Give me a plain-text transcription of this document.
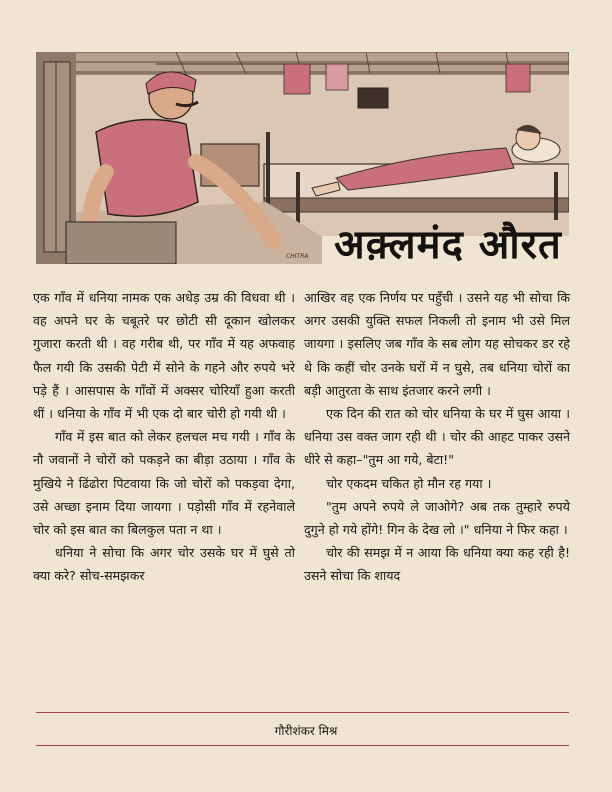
CHITRA अक़्लमंद औरत

एक गाँव में धनिया नामक एक अधेड़ उम्र की विधवा थी । वह अपने घर के चबूतरे पर छोटी सी दूकान खोलकर गुजारा करती थी । वह गरीब थी, पर गाँव में यह अफवाह फैल गयी कि उसकी पेटी में सोने के गहने और रुपये भरे पड़े हैं । आसपास के गाँवों में अक्सर चोरियाँ हुआ करती थीं । धनिया के गाँव में भी एक दो बार चोरी हो गयी थी ।

गाँव में इस बात को लेकर हलचल मच गयी । गाँव के नौ जवानों ने चोरों को पकड़ने का बीड़ा उठाया । गाँव के मुखिये ने ढिंढोरा पिटवाया कि जो चोरों को पकड़वा देगा, उसे अच्छा इनाम दिया जायगा । पड़ोसी गाँव में रहनेवाले चोर को इस बात का बिलकुल पता न था ।

धनिया ने सोचा कि अगर चोर उसके घर में घुसे तो क्या करे? सोच-समझकर

आखिर वह एक निर्णय पर पहुँची । उसने यह भी सोचा कि अगर उसकी युक्ति सफल निकली तो इनाम भी उसे मिल जायगा । इसलिए जब गाँव के सब लोग यह सोचकर डर रहे थे कि कहीं चोर उनके घरों में न घुसे, तब धनिया चोरों का बड़ी आतुरता के साथ इंतजार करने लगी ।

एक दिन की रात को चोर धनिया के घर में घुस आया । धनिया उस वक्त जाग रही थी । चोर की आहट पाकर उसने धीरे से कहा–"तुम आ गये, बेटा!"

चोर एकदम चकित हो मौन रह गया ।

"तुम अपने रुपये ले जाओगे? अब तक तुम्हारे रुपये दुगुने हो गये होंगे! गिन के देख लो ।" धनिया ने फिर कहा ।

चोर की समझ में न आया कि धनिया क्या कह रही है! उसने सोचा कि शायद

गौरीशंकर मिश्र
